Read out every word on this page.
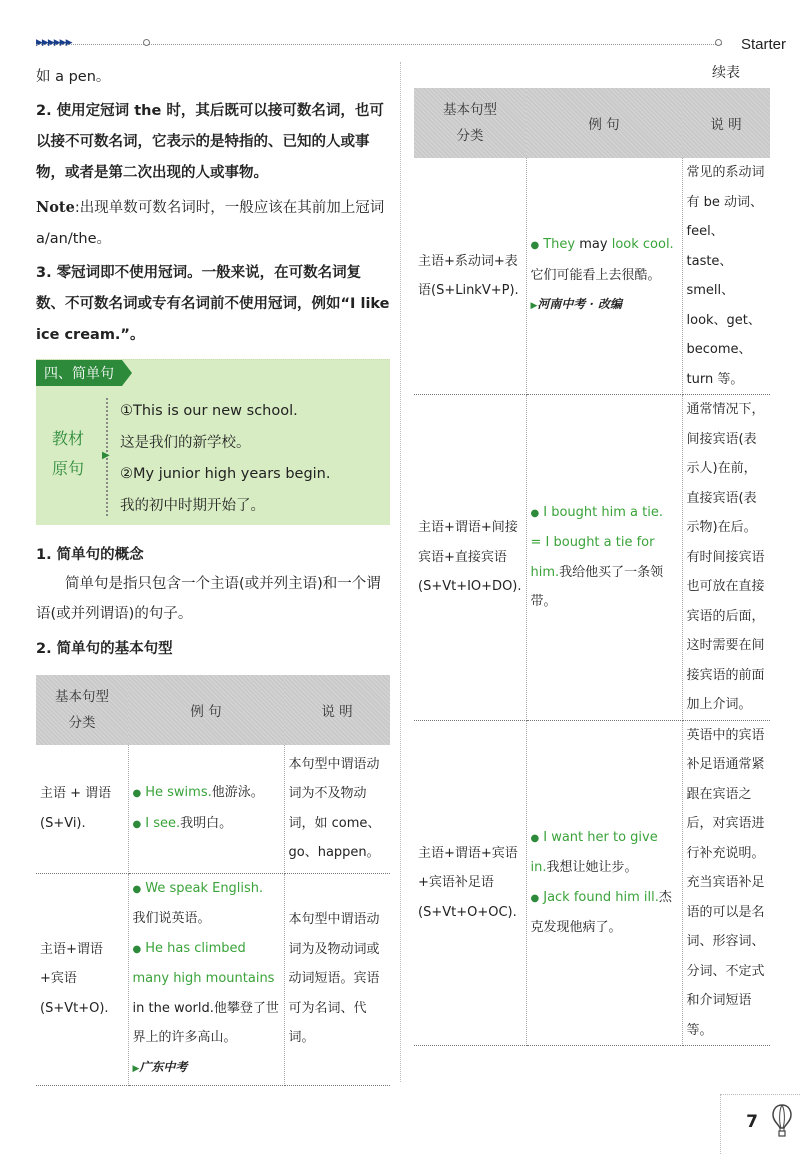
▶▶▶▶▶▶	Starter

如 a pen。

2. 使用定冠词 the 时，其后既可以接可数名词，也可以接不可数名词，它表示的是特指的、已知的人或事物，或者是第二次出现的人或事物。

Note:出现单数可数名词时，一般应该在其前加上冠词 a/an/the。

3. 零冠词即不使用冠词。一般来说，在可数名词复数、不可数名词或专有名词前不使用冠词，例如“I like ice cream.”。

四、简单句
教材
原句
▶
①This is our new school.
这是我们的新学校。
②My junior high years begin.
我的初中时期开始了。

1. 简单句的概念

简单句是指只包含一个主语(或并列主语)和一个谓语(或并列谓语)的句子。

2. 简单句的基本句型

基本句型
分类	例 句	说 明
主语 + 谓语(S+Vi).	● He swims.他游泳。
● I see.我明白。	本句型中谓语动词为不及物动词，如 come、go、happen。
主语+谓语+宾语(S+Vt+O).	● We speak English.
我们说英语。
● He has climbed many high mountains in the world.他攀登了世界上的许多高山。
▶广东中考	本句型中谓语动词为及物动词或动词短语。宾语可为名词、代词。
续表
基本句型
分类	例 句	说 明
主语+系动词+表语(S+LinkV+P).	● They may look cool.
它们可能看上去很酷。
▶河南中考 · 改编	常见的系动词有 be 动词、feel、taste、smell、look、get、become、turn 等。
主语+谓语+间接宾语+直接宾语(S+Vt+IO+DO).	● I bought him a tie. = I bought a tie for him.我给他买了一条领带。	通常情况下，间接宾语(表示人)在前，直接宾语(表示物)在后。有时间接宾语也可放在直接宾语的后面，这时需要在间接宾语的前面加上介词。
主语+谓语+宾语+宾语补足语(S+Vt+O+OC).	● I want her to give in.我想让她让步。
● Jack found him ill.杰克发现他病了。	英语中的宾语补足语通常紧跟在宾语之后，对宾语进行补充说明。充当宾语补足语的可以是名词、形容词、分词、不定式和介词短语等。
7
